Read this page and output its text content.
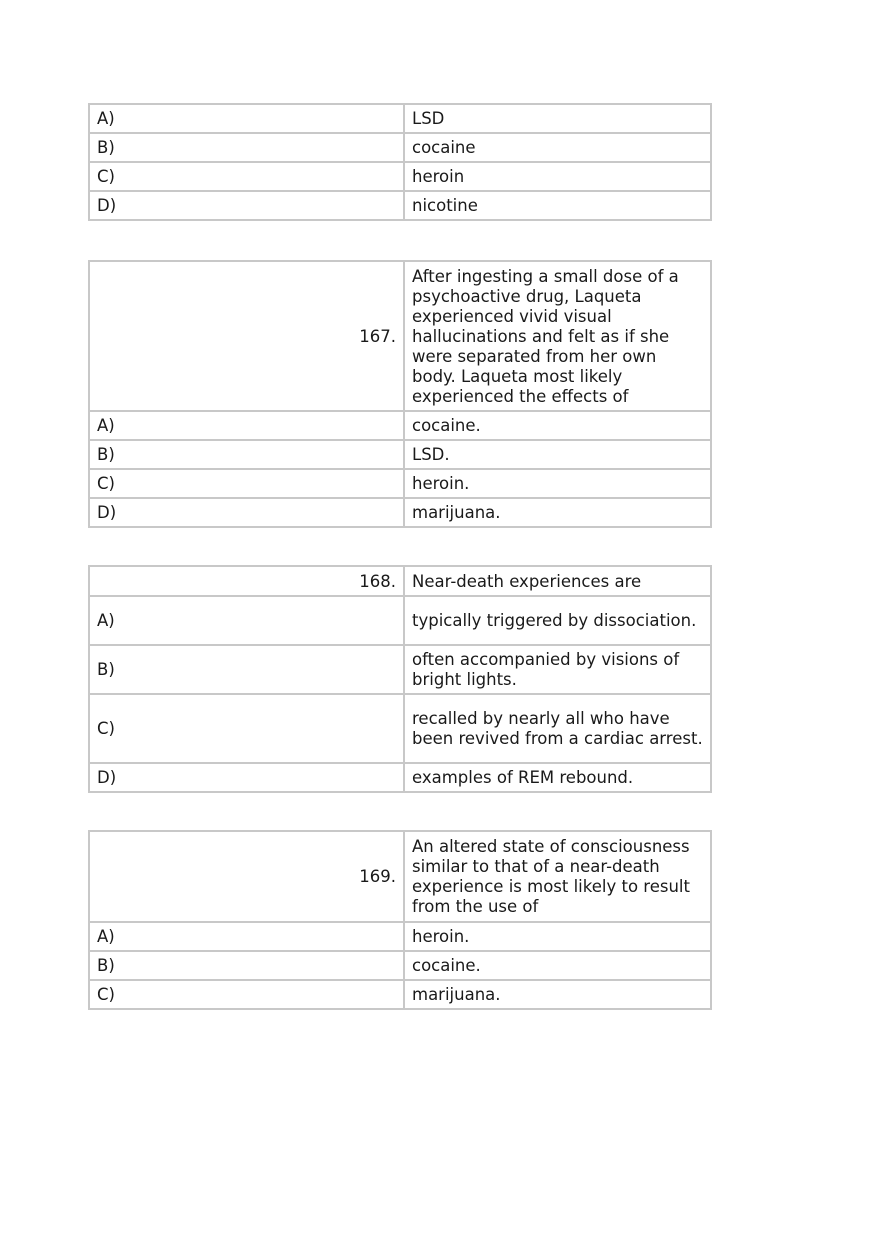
A)	LSD
B)	cocaine
C)	heroin
D)	nicotine
167.	After ingesting a small dose of a psychoactive drug, Laqueta experienced vivid visual hallucinations and felt as if she were separated from her own body. Laqueta most likely experienced the effects of
A)	cocaine.
B)	LSD.
C)	heroin.
D)	marijuana.
168.	Near-death experiences are
A)	typically triggered by dissociation.
B)	often accompanied by visions of bright lights.
C)	recalled by nearly all who have been revived from a cardiac arrest.
D)	examples of REM rebound.
169.	An altered state of consciousness similar to that of a near-death experience is most likely to result from the use of
A)	heroin.
B)	cocaine.
C)	marijuana.
